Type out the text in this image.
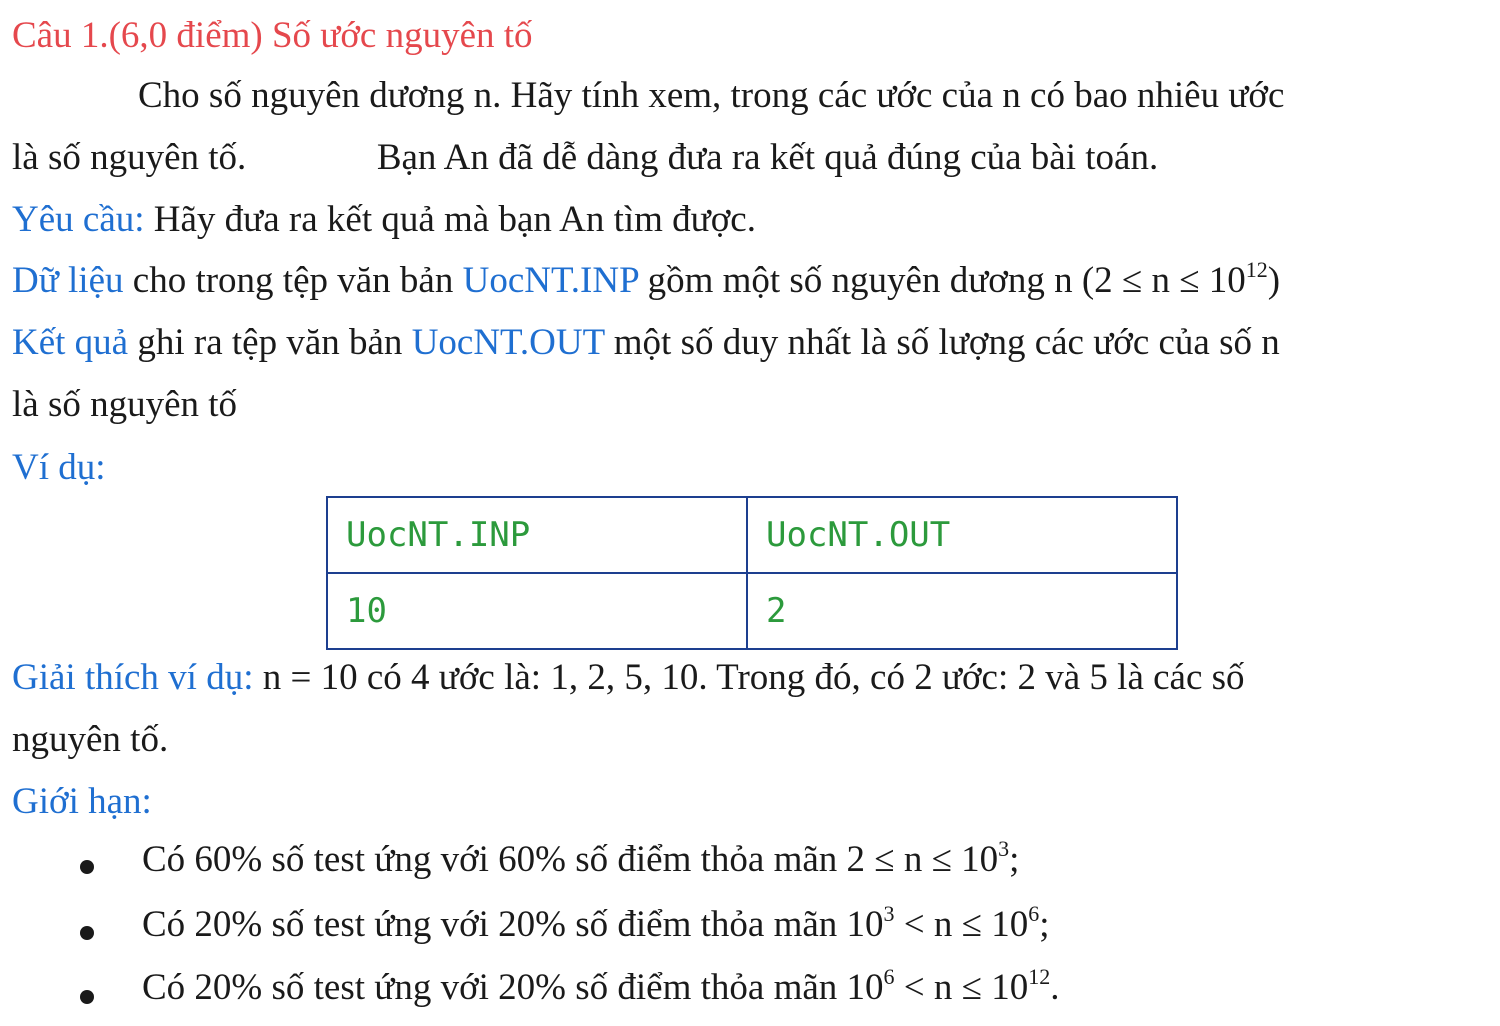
Câu 1.(6,0 điểm) Số ước nguyên tố
Cho số nguyên dương n. Hãy tính xem, trong các ước của n có bao nhiêu ước
là số nguyên tố.	Bạn An đã dễ dàng đưa ra kết quả đúng của bài toán.
Yêu cầu: Hãy đưa ra kết quả mà bạn An tìm được.
Dữ liệu cho trong tệp văn bản UocNT.INP gồm một số nguyên dương n $(2 \le n \le 10^{12})$
Kết quả ghi ra tệp văn bản UocNT.OUT một số duy nhất là số lượng các ước của số n
là số nguyên tố
Ví dụ:
UocNT.INP	UocNT.OUT
10	2
Giải thích ví dụ: n = 10 có 4 ước là: 1, 2, 5, 10. Trong đó, có 2 ước: 2 và 5 là các số
nguyên tố.
Giới hạn:
Có 60% số test ứng với 60% số điểm thỏa mãn $2 \le n \le 10^3$;
Có 20% số test ứng với 20% số điểm thỏa mãn $10^3 < n \le 10^6$;
Có 20% số test ứng với 20% số điểm thỏa mãn $10^6 < n \le 10^{12}$.
